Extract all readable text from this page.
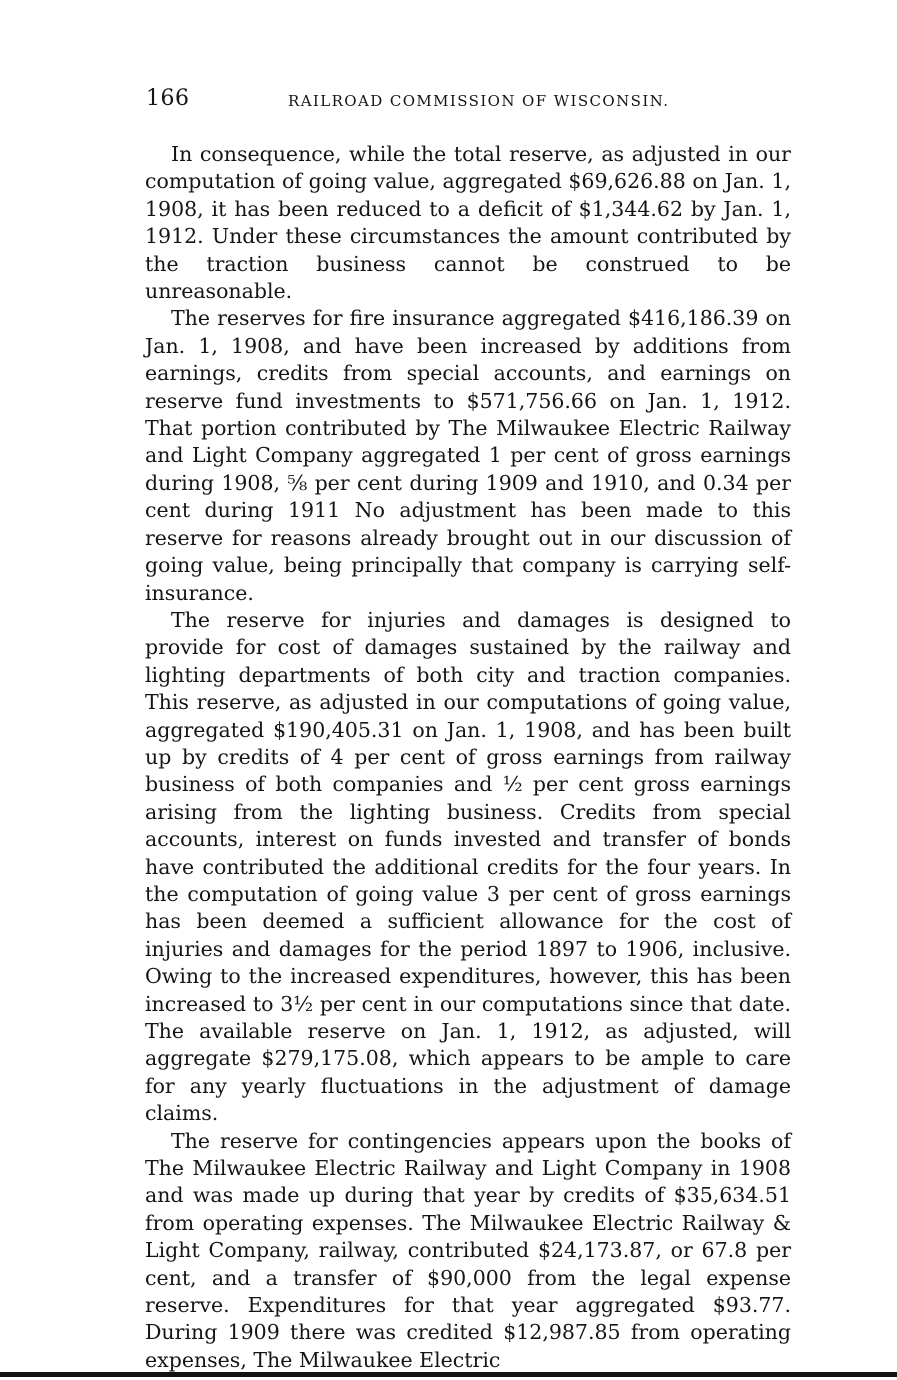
166	RAILROAD COMMISSION OF WISCONSIN.

In consequence, while the total reserve, as adjusted in our computation of going value, aggregated $69,626.88 on Jan. 1, 1908, it has been reduced to a deficit of $1,344.62 by Jan. 1, 1912. Under these circumstances the amount contributed by the traction business cannot be construed to be unreasonable.

The reserves for fire insurance aggregated $416,186.39 on Jan. 1, 1908, and have been increased by additions from earnings, credits from special accounts, and earnings on reserve fund investments to $571,756.66 on Jan. 1, 1912. That portion contributed by The Milwaukee Electric Railway and Light Company aggregated 1 per cent of gross earnings during 1908, ⅝ per cent during 1909 and 1910, and 0.34 per cent during 1911 No adjustment has been made to this reserve for reasons already brought out in our discussion of going value, being principally that company is carrying self-insurance.

The reserve for injuries and damages is designed to provide for cost of damages sustained by the railway and lighting departments of both city and traction companies. This reserve, as adjusted in our computations of going value, aggregated $190,405.31 on Jan. 1, 1908, and has been built up by credits of 4 per cent of gross earnings from railway business of both companies and ½ per cent gross earnings arising from the lighting business. Credits from special accounts, interest on funds invested and transfer of bonds have contributed the additional credits for the four years. In the computation of going value 3 per cent of gross earnings has been deemed a sufficient allowance for the cost of injuries and damages for the period 1897 to 1906, inclusive. Owing to the increased expenditures, however, this has been increased to 3½ per cent in our computations since that date. The available reserve on Jan. 1, 1912, as adjusted, will aggregate $279,175.08, which appears to be ample to care for any yearly fluctuations in the adjustment of damage claims.

The reserve for contingencies appears upon the books of The Milwaukee Electric Railway and Light Company in 1908 and was made up during that year by credits of $35,634.51 from operating expenses. The Milwaukee Electric Railway & Light Company, railway, contributed $24,173.87, or 67.8 per cent, and a transfer of $90,000 from the legal expense reserve. Expenditures for that year aggregated $93.77. During 1909 there was credited $12,987.85 from operating expenses, The Milwaukee Electric
